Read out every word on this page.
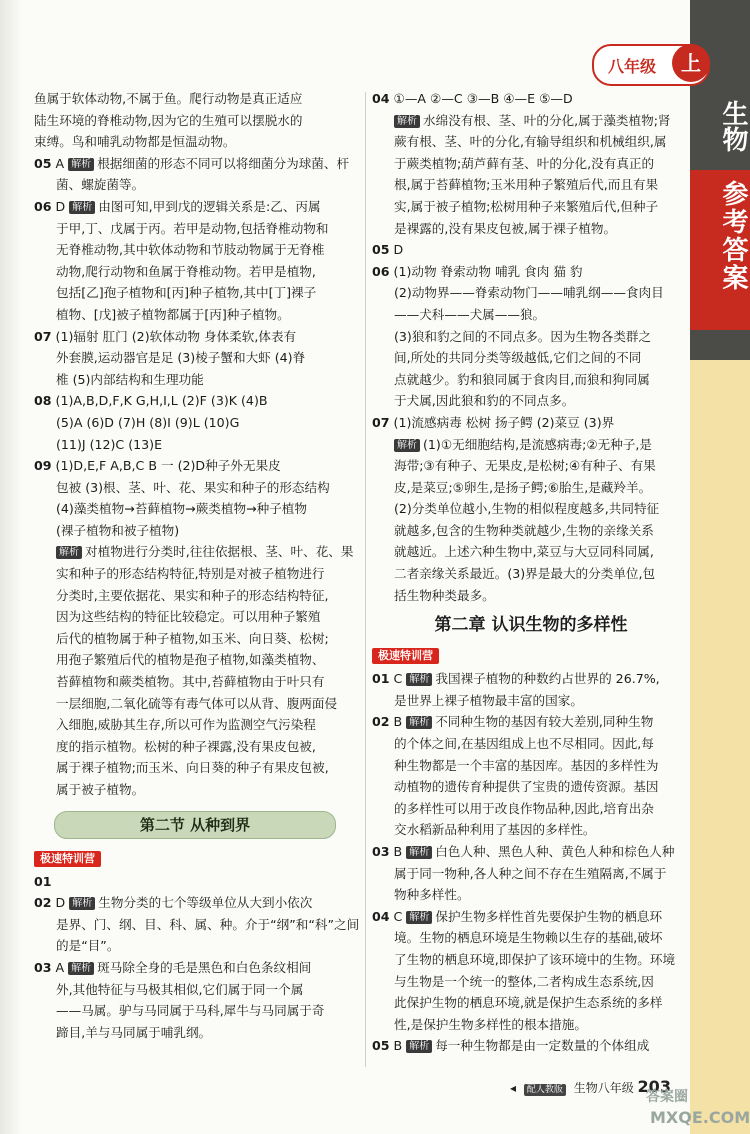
生物
参考答案
八年级	上

鱼属于软体动物,不属于鱼。爬行动物是真正适应

陆生环境的脊椎动物,因为它的生殖可以摆脱水的

束缚。鸟和哺乳动物都是恒温动物。

05 A 解析 根据细菌的形态不同可以将细菌分为球菌、杆

菌、螺旋菌等。

06 D 解析 由图可知,甲到戊的逻辑关系是:乙、丙属

于甲,丁、戊属于丙。若甲是动物,包括脊椎动物和

无脊椎动物,其中软体动物和节肢动物属于无脊椎

动物,爬行动物和鱼属于脊椎动物。若甲是植物,

包括[乙]孢子植物和[丙]种子植物,其中[丁]裸子

植物、[戊]被子植物都属于[丙]种子植物。

07 (1)辐射 肛门 (2)软体动物 身体柔软,体表有

外套膜,运动器官是足 (3)棱子蟹和大虾 (4)脊

椎 (5)内部结构和生理功能

08 (1)A,B,D,F,K G,H,I,L (2)F (3)K (4)B

(5)A (6)D (7)H (8)I (9)L (10)G

(11)J (12)C (13)E

09 (1)D,E,F A,B,C B 一 (2)D种子外无果皮

包被 (3)根、茎、叶、花、果实和种子的形态结构

(4)藻类植物→苔藓植物→蕨类植物→种子植物

(裸子植物和被子植物)

解析 对植物进行分类时,往往依据根、茎、叶、花、果

实和种子的形态结构特征,特别是对被子植物进行

分类时,主要依据花、果实和种子的形态结构特征,

因为这些结构的特征比较稳定。可以用种子繁殖

后代的植物属于种子植物,如玉米、向日葵、松树;

用孢子繁殖后代的植物是孢子植物,如藻类植物、

苔藓植物和蕨类植物。其中,苔藓植物由于叶只有

一层细胞,二氧化硫等有毒气体可以从背、腹两面侵

入细胞,威胁其生存,所以可作为监测空气污染程

度的指示植物。松树的种子裸露,没有果皮包被,

属于裸子植物;而玉米、向日葵的种子有果皮包被,

属于被子植物。

第二节 从种到界
极速特训营

01

02 D 解析 生物分类的七个等级单位从大到小依次

是界、门、纲、目、科、属、种。介于“纲”和“科”之间

的是“目”。

03 A 解析 斑马除全身的毛是黑色和白色条纹相间

外,其他特征与马极其相似,它们属于同一个属

——马属。驴与马同属于马科,犀牛与马同属于奇

蹄目,羊与马同属于哺乳纲。

04 ①—A ②—C ③—B ④—E ⑤—D

解析 水绵没有根、茎、叶的分化,属于藻类植物;肾

蕨有根、茎、叶的分化,有输导组织和机械组织,属

于蕨类植物;葫芦藓有茎、叶的分化,没有真正的

根,属于苔藓植物;玉米用种子繁殖后代,而且有果

实,属于被子植物;松树用种子来繁殖后代,但种子

是裸露的,没有果皮包被,属于裸子植物。

05 D

06 (1)动物 脊索动物 哺乳 食肉 猫 豹

(2)动物界——脊索动物门——哺乳纲——食肉目

——犬科——犬属——狼。

(3)狼和豹之间的不同点多。因为生物各类群之

间,所处的共同分类等级越低,它们之间的不同

点就越少。豹和狼同属于食肉目,而狼和狗同属

于犬属,因此狼和豹的不同点多。

07 (1)流感病毒 松树 扬子鳄 (2)菜豆 (3)界

解析 (1)①无细胞结构,是流感病毒;②无种子,是

海带;③有种子、无果皮,是松树;④有种子、有果

皮,是菜豆;⑤卵生,是扬子鳄;⑥胎生,是藏羚羊。

(2)分类单位越小,生物的相似程度越多,共同特征

就越多,包含的生物种类就越少,生物的亲缘关系

就越近。上述六种生物中,菜豆与大豆同科同属,

二者亲缘关系最近。(3)界是最大的分类单位,包

括生物种类最多。

第二章 认识生物的多样性
极速特训营

01 C 解析 我国裸子植物的种数约占世界的 26.7%,

是世界上裸子植物最丰富的国家。

02 B 解析 不同种生物的基因有较大差别,同种生物

的个体之间,在基因组成上也不尽相同。因此,每

种生物都是一个丰富的基因库。基因的多样性为

动植物的遗传育种提供了宝贵的遗传资源。基因

的多样性可以用于改良作物品种,因此,培育出杂

交水稻新品种利用了基因的多样性。

03 B 解析 白色人种、黑色人种、黄色人种和棕色人种

属于同一物种,各人种之间不存在生殖隔离,不属于

物种多样性。

04 C 解析 保护生物多样性首先要保护生物的栖息环

境。生物的栖息环境是生物赖以生存的基础,破坏

了生物的栖息环境,即保护了该环境中的生物。环境

与生物是一个统一的整体,二者构成生态系统,因

此保护生物的栖息环境,就是保护生态系统的多样

性,是保护生物多样性的根本措施。

05 B 解析 每一种生物都是由一定数量的个体组成

◂ 配人教版 生物八年级 203
答案圈
MXQE.COM
